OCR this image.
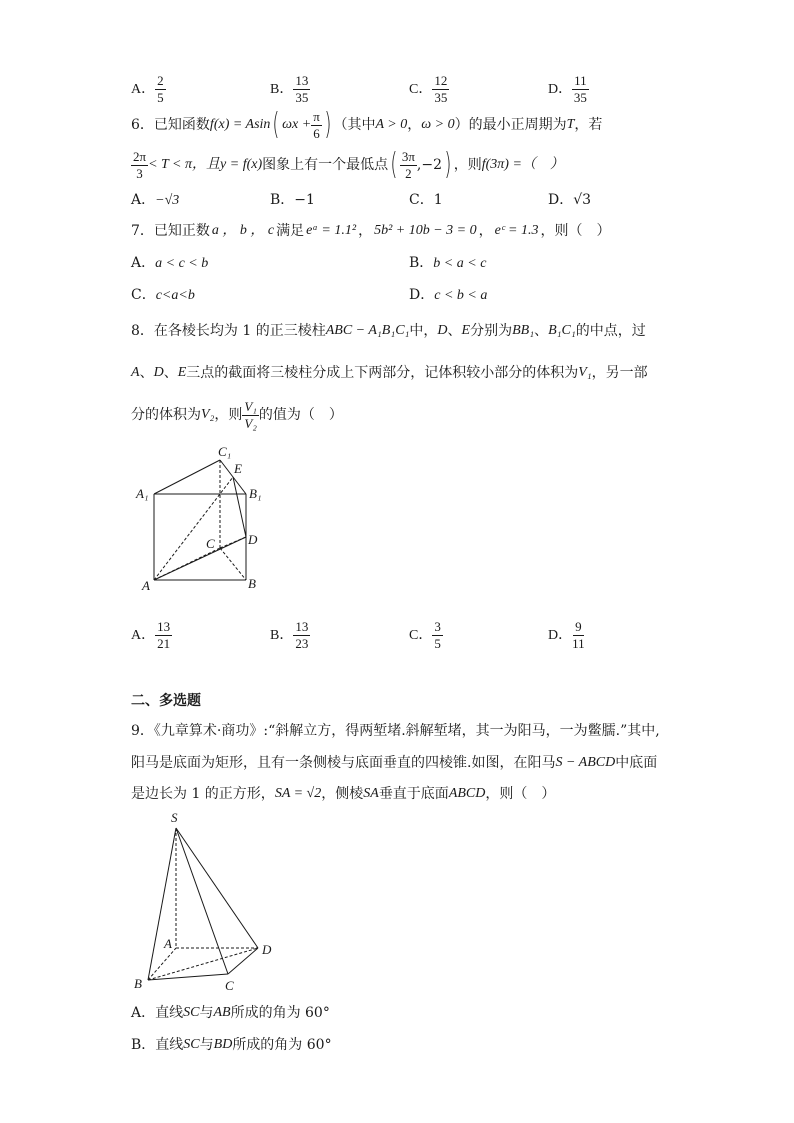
A． $\frac{2}{5}$	B． $\frac{13}{35}$	C． $\frac{12}{35}$	D． $\frac{11}{35}$
6．已知函数 f (x) = Asin ( $\omega x + \frac{\pi}{6}$ ) （其中 A > 0 ， ω > 0 ）的最小正周期为 T ，若
$\frac{2\pi}{3} < T < \pi$，且 y = f(x) 图象上有一个最低点 ( $\frac{3\pi}{2} ,-2$ ) ，则 f(3π) =（　）
A．−√3	B．−1	C．1	D．√3
7．已知正数 a ， b ， c 满足 eᵃ = 1.1² ， 5b² + 10b − 3 = 0 ， eᶜ = 1.3 ，则（　）
A．a < c < b	B．b < a < c
C．c<a<b	D．c < b < a
8．在各棱长均为 1 的正三棱柱 ABC − A₁B₁C₁ 中， D 、 E 分别为 BB₁ 、 B₁C₁ 的中点，过
A 、 D 、 E 三点的截面将三棱柱分成上下两部分，记体积较小部分的体积为 V₁ ，另一部
分的体积为 V₂ ，则 $\frac{\text{V₁}}{\text{V₂}}$ 的值为（　）
C₁
E
A₁	B₁
C	D
A	B
A． $\frac{13}{21}$	B． $\frac{13}{23}$	C． $\frac{3}{5}$	D． $\frac{9}{11}$
二、多选题
9．《九章算术·商功》:“斜解立方，得两堑堵.斜解堑堵，其一为阳马，一为鳖臑.”其中,
阳马是底面为矩形，且有一条侧棱与底面垂直的四棱锥.如图，在阳马 S − ABCD 中底面
是边长为 1 的正方形， SA = √2 ，侧棱 SA 垂直于底面 ABCD ，则（　）
S
A	D
B	C
A．直线 SC 与 AB 所成的角为 60°
B．直线 SC 与 BD 所成的角为 60°
